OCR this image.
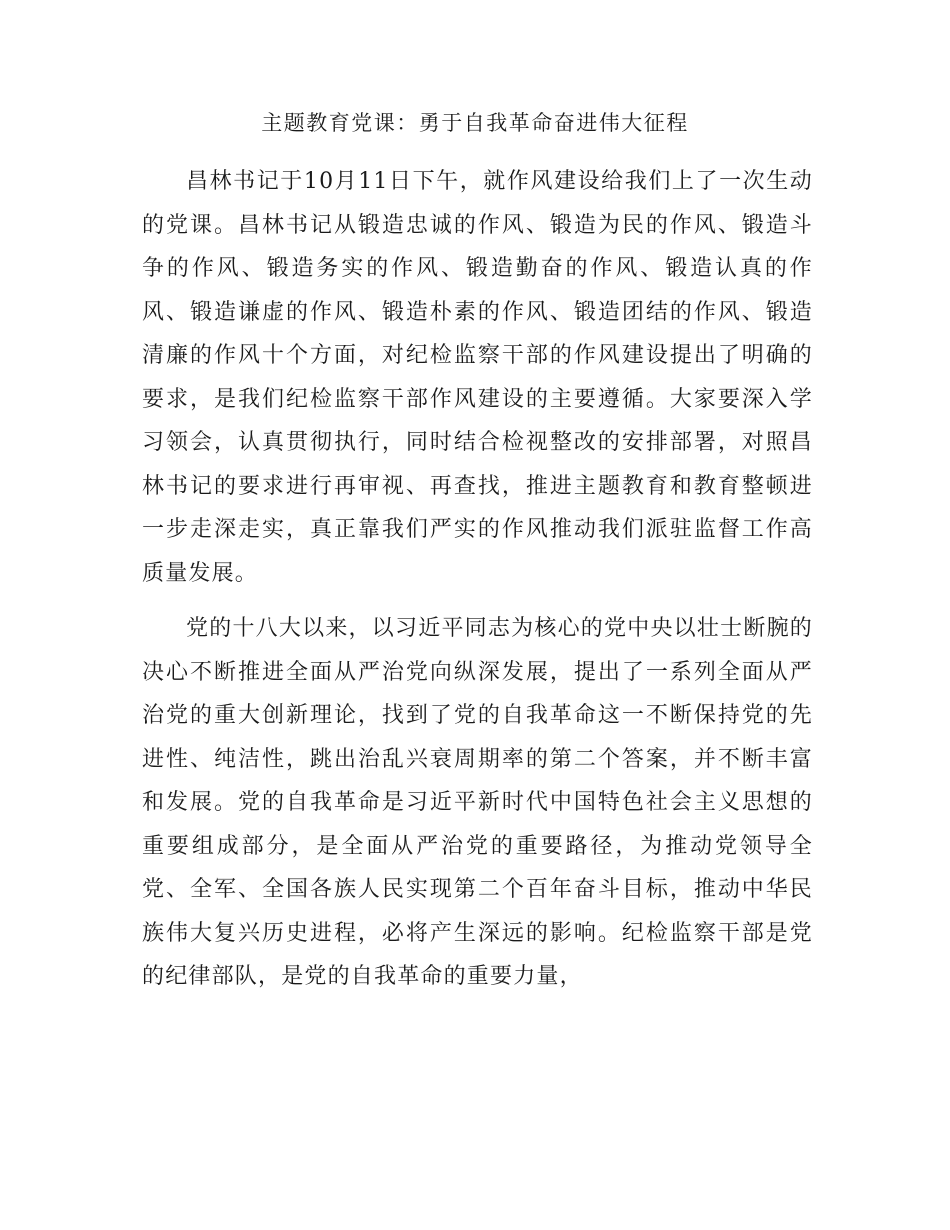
主题教育党课：勇于自我革命奋进伟大征程

昌林书记于10月11日下午，就作风建设给我们上了一次生动的党课。昌林书记从锻造忠诚的作风、锻造为民的作风、锻造斗争的作风、锻造务实的作风、锻造勤奋的作风、锻造认真的作风、锻造谦虚的作风、锻造朴素的作风、锻造团结的作风、锻造清廉的作风十个方面，对纪检监察干部的作风建设提出了明确的要求，是我们纪检监察干部作风建设的主要遵循。大家要深入学习领会，认真贯彻执行，同时结合检视整改的安排部署，对照昌林书记的要求进行再审视、再查找，推进主题教育和教育整顿进一步走深走实，真正靠我们严实的作风推动我们派驻监督工作高质量发展。

党的十八大以来，以习近平同志为核心的党中央以壮士断腕的决心不断推进全面从严治党向纵深发展，提出了一系列全面从严治党的重大创新理论，找到了党的自我革命这一不断保持党的先进性、纯洁性，跳出治乱兴衰周期率的第二个答案，并不断丰富和发展。党的自我革命是习近平新时代中国特色社会主义思想的重要组成部分，是全面从严治党的重要路径，为推动党领导全党、全军、全国各族人民实现第二个百年奋斗目标，推动中华民族伟大复兴历史进程，必将产生深远的影响。纪检监察干部是党的纪律部队，是党的自我革命的重要力量，
